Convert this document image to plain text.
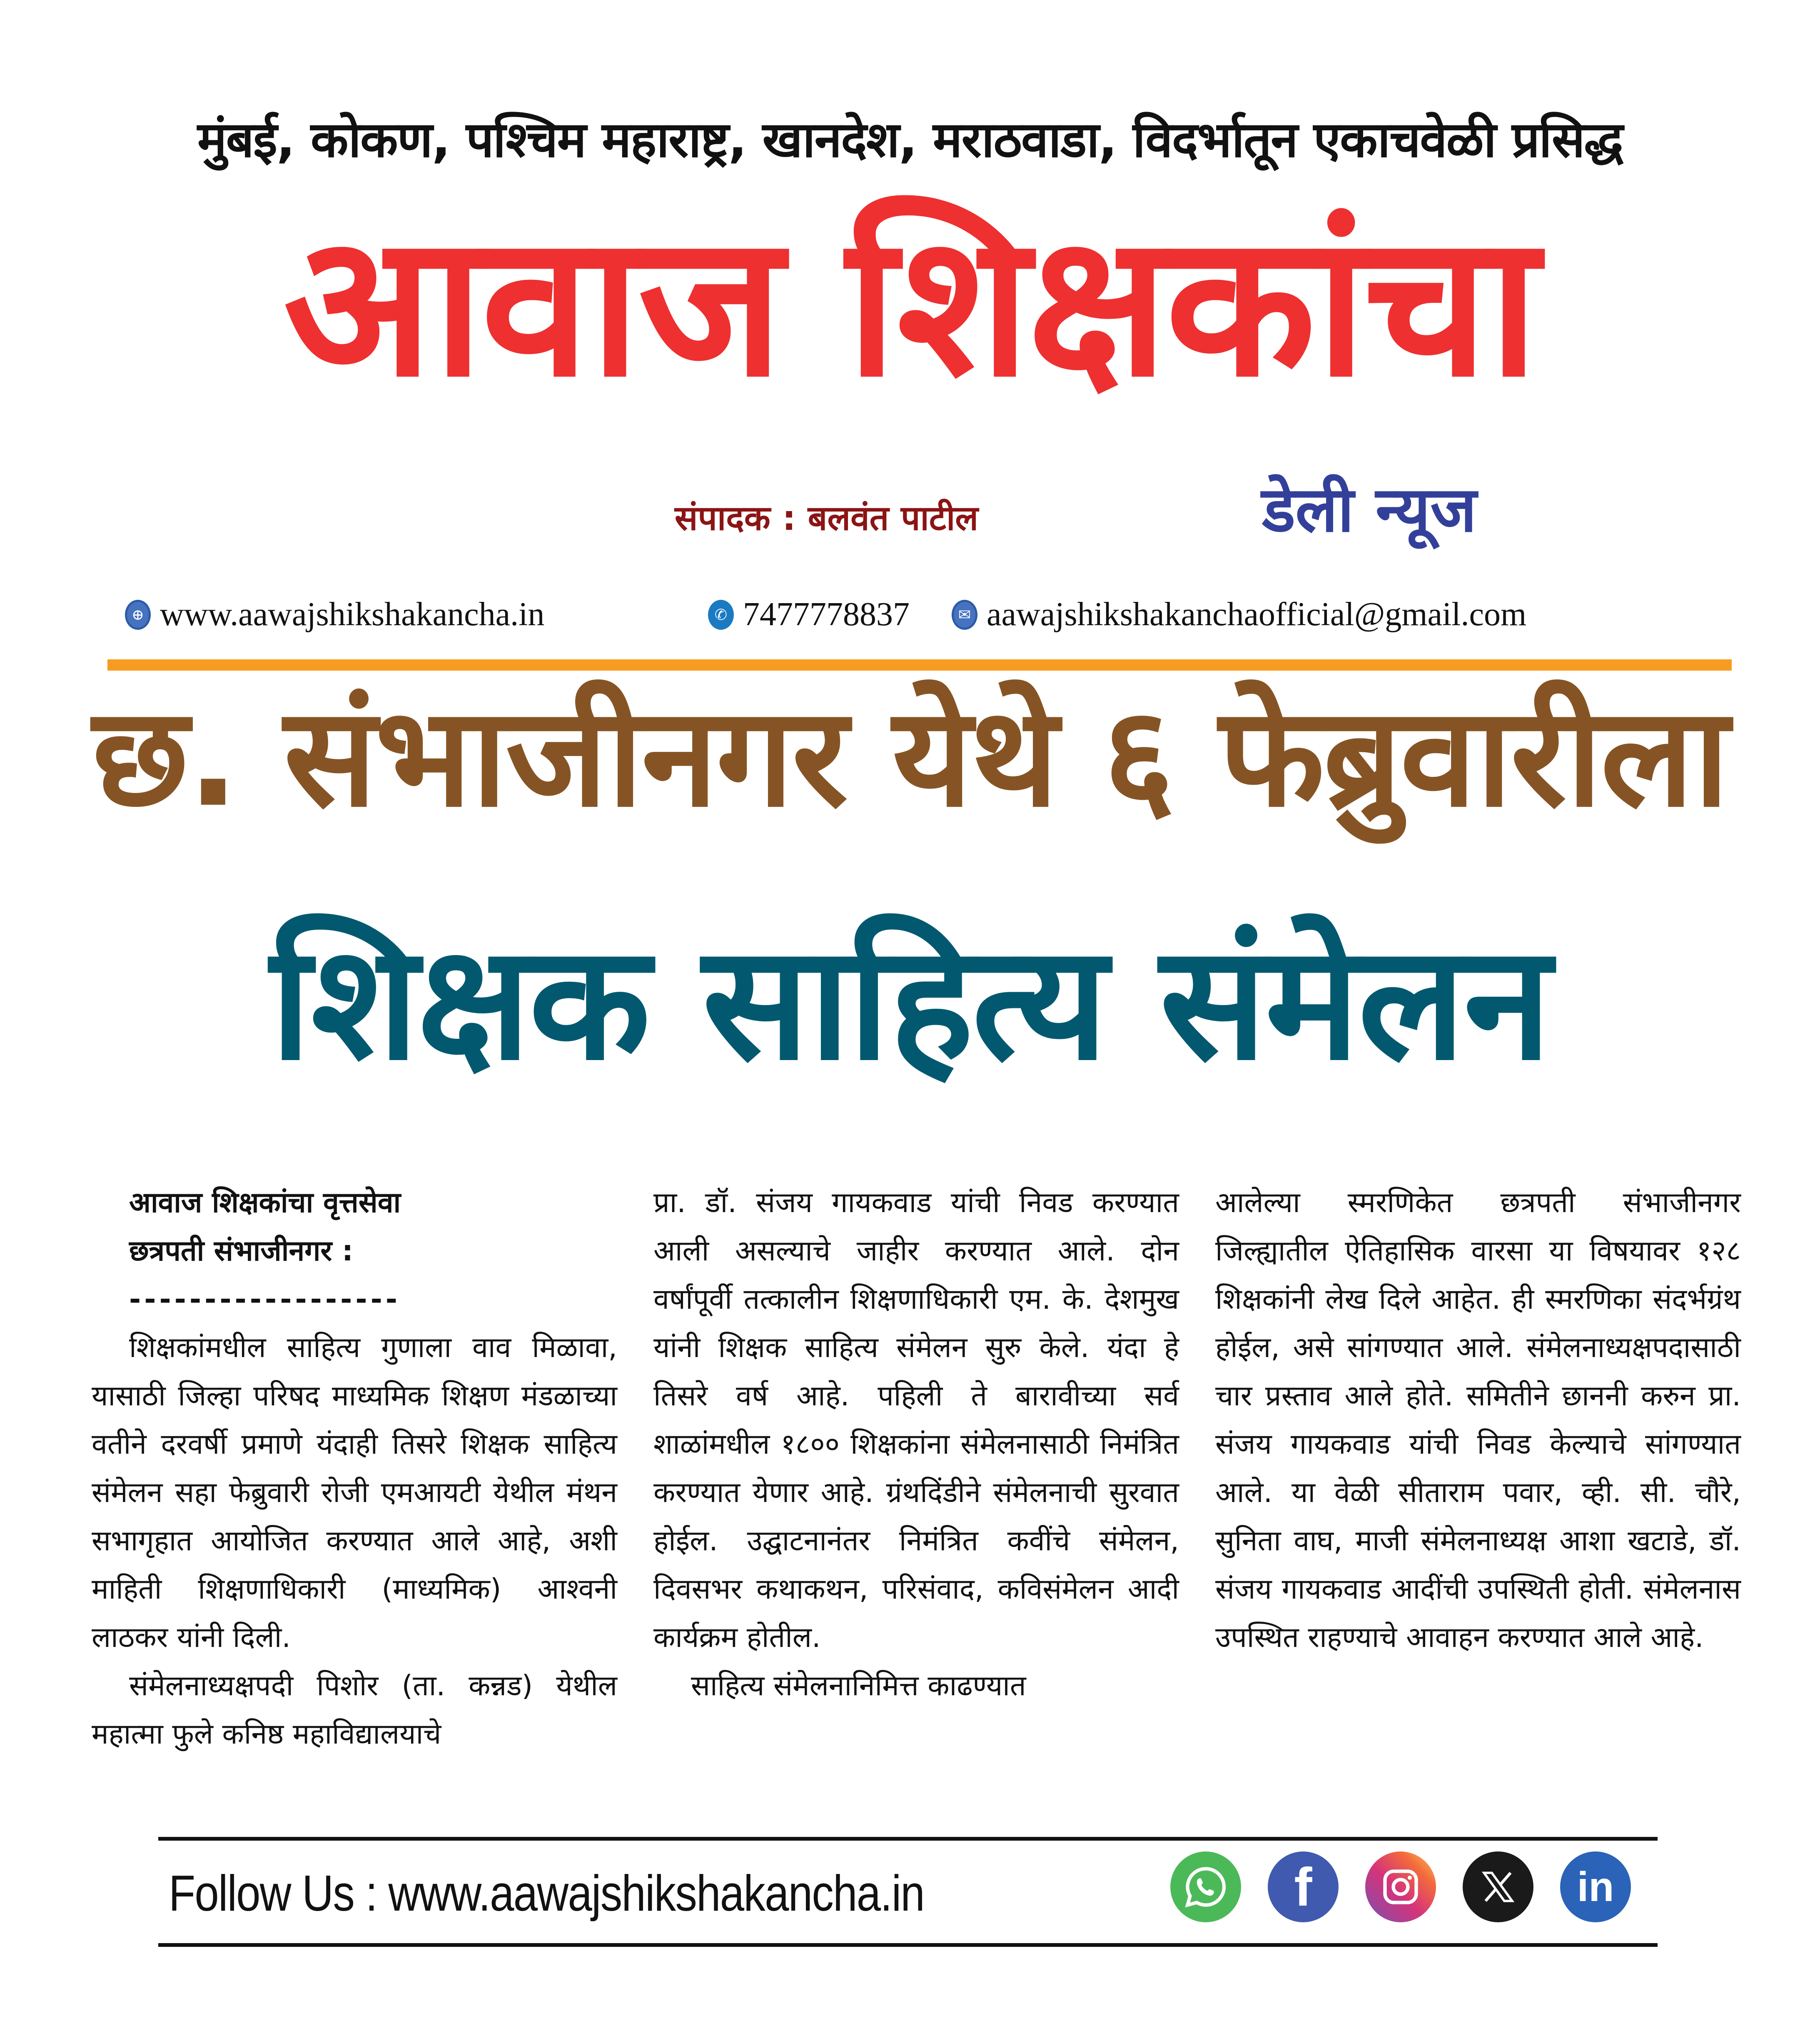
मुंबई, कोकण, पश्चिम महाराष्ट्र, खानदेश, मराठवाडा, विदर्भातून एकाचवेळी प्रसिद्ध
आवाज शिक्षकांचा
संपादक : बलवंत पाटील	डेली न्यूज
⊕ www.aawajshikshakancha.in	✆ 7477778837	✉ aawajshikshakanchaofficial@gmail.com
छ. संभाजीनगर येथे ६ फेब्रुवारीला
शिक्षक साहित्य संमेलन
आवाज शिक्षकांचा वृत्तसेवा
छत्रपती संभाजीनगर :
------------------

शिक्षकांमधील साहित्य गुणाला वाव मिळावा, यासाठी जिल्हा परिषद माध्यमिक शिक्षण मंडळाच्या वतीने दरवर्षी प्रमाणे यंदाही तिसरे शिक्षक साहित्य संमेलन सहा फेब्रुवारी रोजी एमआयटी येथील मंथन सभागृहात आयोजित करण्यात आले आहे, अशी माहिती शिक्षणाधिकारी (माध्यमिक) आश्वनी लाठकर यांनी दिली.

संमेलनाध्यक्षपदी पिशोर (ता. कन्नड) येथील महात्मा फुले कनिष्ठ महाविद्यालयाचे

प्रा. डॉ. संजय गायकवाड यांची निवड करण्यात आली असल्याचे जाहीर करण्यात आले. दोन वर्षांपूर्वी तत्कालीन शिक्षणाधिकारी एम. के. देशमुख यांनी शिक्षक साहित्य संमेलन सुरु केले. यंदा हे तिसरे वर्ष आहे. पहिली ते बारावीच्या सर्व शाळांमधील १८०० शिक्षकांना संमेलनासाठी निमंत्रित करण्यात येणार आहे. ग्रंथदिंडीने संमेलनाची सुरवात होईल. उद्घाटनानंतर निमंत्रित कवींचे संमेलन, दिवसभर कथाकथन, परिसंवाद, कविसंमेलन आदी कार्यक्रम होतील.

साहित्य संमेलनानिमित्त काढण्यात

आलेल्या स्मरणिकेत छत्रपती संभाजीनगर जिल्ह्यातील ऐतिहासिक वारसा या विषयावर १२८ शिक्षकांनी लेख दिले आहेत. ही स्मरणिका संदर्भग्रंथ होईल, असे सांगण्यात आले. संमेलनाध्यक्षपदासाठी चार प्रस्ताव आले होते. समितीने छाननी करुन प्रा. संजय गायकवाड यांची निवड केल्याचे सांगण्यात आले. या वेळी सीताराम पवार, व्ही. सी. चौरे, सुनिता वाघ, माजी संमेलनाध्यक्ष आशा खटाडे, डॉ. संजय गायकवाड आदींची उपस्थिती होती. संमेलनास उपस्थित राहण्याचे आवाहन करण्यात आले आहे.

Follow Us : www.aawajshikshakancha.in	f	in
